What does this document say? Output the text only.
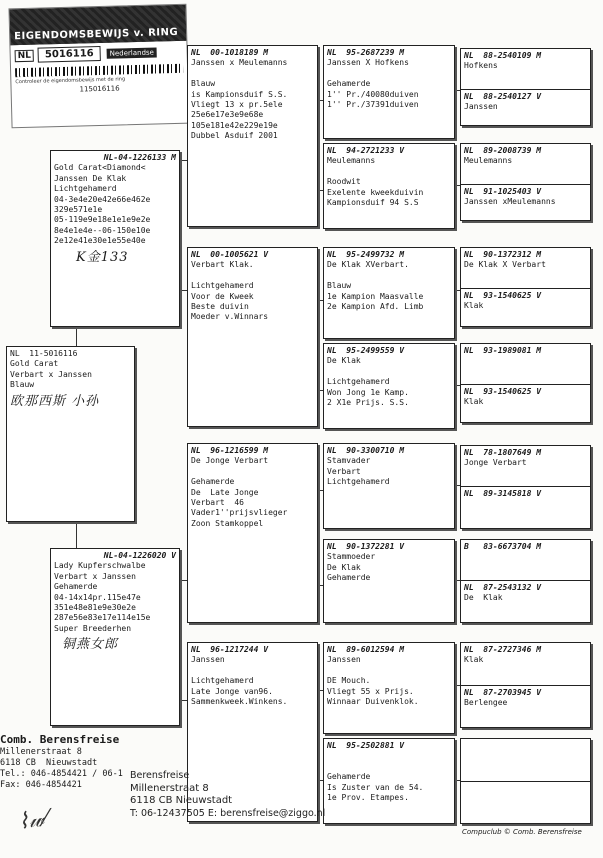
EIGENDOMSBEWIJS v. RING
NL	5016116	Nederlandse
Controleer de eigendomsbewijs met de ring
115016116
NL  11-5016116
Gold Carat
Verbart x Janssen
Blauw
欧那西斯 小孙
NL-04-1226133 M
Gold Carat<Diamond<
Janssen De Klak
Lichtgehamerd
04-3e4e20e42e66e462e
329e571e1e
05-119e9e18e1e1e9e2e
8e4e1e4e--06-150e10e
2e12e41e30e1e55e40e
K金133
NL-04-1226020 V
Lady Kupferschwalbe
Verbart x Janssen
Gehamerde
04-14x14pr.115e47e
351e48e81e9e30e2e
287e56e83e17e114e15e
Super Breederhen
铜燕女郎
NL  00-1018189 M
Janssen x Meulemanns
Blauw
is Kampionsduif S.S.
Vliegt 13 x pr.5ele
25e6e17e3e9e68e
105e181e42e229e19e
Dubbel Asduif 2001
NL  00-1005621 V
Verbart Klak.
Lichtgehamerd
Voor de Kweek
Beste duivin
Moeder v.Winnars
NL  96-1216599 M
De Jonge Verbart
Gehamerde
De  Late Jonge
Verbart  46
Vader1''prijsvlieger
Zoon Stamkoppel
NL  96-1217244 V
Janssen
Lichtgehamerd
Late Jonge van96.
Sammenkweek.Winkens.
NL  95-2687239 M
Janssen X Hofkens
Gehamerde
1'' Pr./40080duiven
1'' Pr./37391duiven
NL  94-2721233 V
Meulemanns
Roodwit
Exelente kweekduivin
Kampionsduif 94 S.S
NL  95-2499732 M
De Klak XVerbart.
Blauw
1e Kampion Maasvalle
2e Kampion Afd. Limb
NL  95-2499559 V
De Klak
Lichtgehamerd
Won Jong 1e Kamp.
2 X1e Prijs. S.S.
NL  90-3300710 M
Stamvader
Verbart
Lichtgehamerd
NL  90-1372281 V
Stammoeder
De Klak
Gehamerde
NL  89-6012594 M
Janssen
DE Mouch.
Vliegt 55 x Prijs.
Winnaar Duivenklok.
NL  95-2502881 V
Gehamerde
Is Zuster van de 54.
1e Prov. Etampes.
NL  88-2540109 M
Hofkens
NL  88-2540127 V
Janssen
NL  89-2008739 M
Meulemanns
NL  91-1025403 V
Janssen xMeulemanns
NL  90-1372312 M
De Klak X Verbart
NL  93-1540625 V
Klak
NL  93-1989081 M
NL  93-1540625 V
Klak
NL  78-1807649 M
Jonge Verbart
NL  89-3145818 V
B   83-6673704 M
NL  87-2543132 V
De  Klak
NL  87-2727346 M
Klak
NL  87-2703945 V
Berlengee
Comb. Berensfreise
Millenerstraat 8
6118 CB  Nieuwstadt
Tel.: 046-4854421 / 06-1
Fax: 046-4854421
⌇𝓌⁄
Berensfreise
Millenerstraat 8
6118 CB Nieuwstadt
T: 06-12437505 E: berensfreise@ziggo.nl
Compuclub © Comb. Berensfreise
